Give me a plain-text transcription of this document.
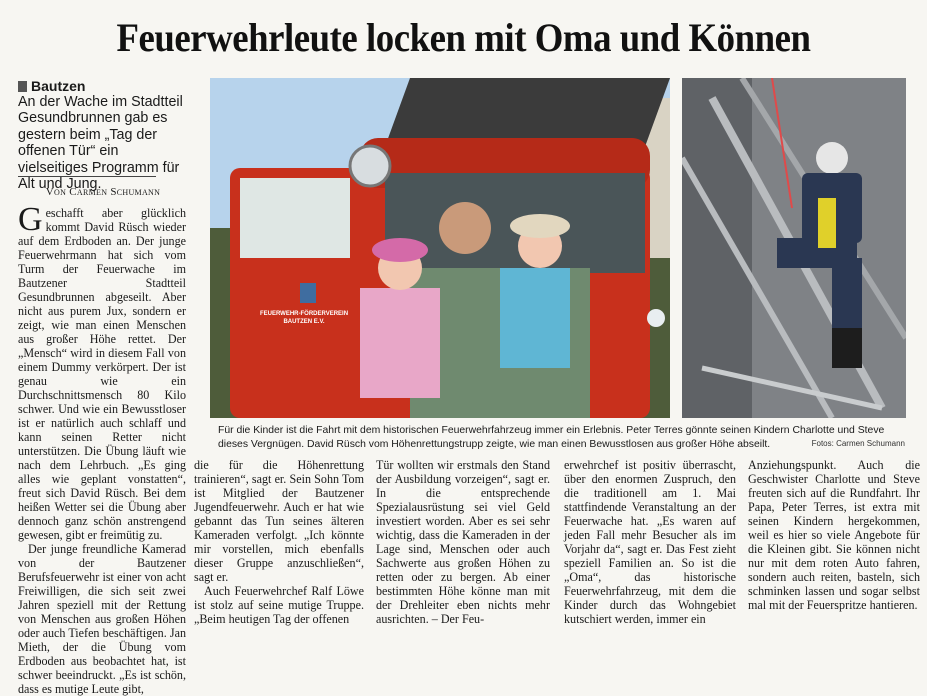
Feuerwehrleute locken mit Oma und Können
Bautzen
An der Wache im Stadtteil Gesundbrunnen gab es gestern beim „Tag der offenen Tür“ ein vielseitiges Programm für Alt und Jung.
Von Carmen Schumann

Geschafft aber glücklich kommt David Rüsch wieder auf dem Erdboden an. Der junge Feuerwehrmann hat sich vom Turm der Feuerwache im Bautzener Stadtteil Gesundbrunnen abgeseilt. Aber nicht aus purem Jux, sondern er zeigt, wie man einen Menschen aus großer Höhe rettet. Der „Mensch“ wird in diesem Fall von einem Dummy verkörpert. Der ist genau wie ein Durchschnittsmensch 80 Kilo schwer. Und wie ein Bewusstloser ist er natürlich auch schlaff und kann seinen Retter nicht unterstützen. Die Übung läuft wie nach dem Lehrbuch. „Es ging alles wie geplant vonstatten“, freut sich David Rüsch. Bei dem heißen Wetter sei die Übung aber dennoch ganz schön anstrengend gewesen, gibt er freimütig zu.

Der junge freundliche Kamerad von der Bautzener Berufsfeuerwehr ist einer von acht Freiwilligen, die sich seit zwei Jahren speziell mit der Rettung von Menschen aus großen Höhen oder auch Tiefen beschäftigen. Jan Mieth, der die Übung vom Erdboden aus beobachtet hat, ist schwer beeindruckt. „Es ist schön, dass es mutige Leute gibt,

FEUERWEHR-FÖRDERVEREIN BAUTZEN E.V.
Für die Kinder ist die Fahrt mit dem historischen Feuerwehrfahrzeug immer ein Erlebnis. Peter Terres gönnte seinen Kindern Charlotte und Steve dieses Vergnügen. David Rüsch vom Höhenrettungstrupp zeigte, wie man einen Bewusstlosen aus großer Höhe abseilt.	Fotos: Carmen Schumann

die für die Höhenrettung trainieren“, sagt er. Sein Sohn Tom ist Mitglied der Bautzener Jugendfeuerwehr. Auch er hat wie gebannt das Tun seines älteren Kameraden verfolgt. „Ich könnte mir vorstellen, mich ebenfalls dieser Gruppe anzuschließen“, sagt er.

Auch Feuerwehrchef Ralf Löwe ist stolz auf seine mutige Truppe. „Beim heutigen Tag der offenen

Tür wollten wir erstmals den Stand der Ausbildung vorzeigen“, sagt er. In die entsprechende Spezialausrüstung sei viel Geld investiert worden. Aber es sei sehr wichtig, dass die Kameraden in der Lage sind, Menschen oder auch Sachwerte aus großen Höhen zu retten oder zu bergen. Ab einer bestimmten Höhe könne man mit der Drehleiter eben nichts mehr ausrichten. – Der Feu-

erwehrchef ist positiv überrascht, über den enormen Zuspruch, den die traditionell am 1. Mai stattfindende Veranstaltung an der Feuerwache hat. „Es waren auf jeden Fall mehr Besucher als im Vorjahr da“, sagt er. Das Fest zieht speziell Familien an. So ist die „Oma“, das historische Feuerwehrfahrzeug, mit dem die Kinder durch das Wohngebiet kutschiert werden, immer ein

Anziehungspunkt. Auch die Geschwister Charlotte und Steve freuten sich auf die Rundfahrt. Ihr Papa, Peter Terres, ist extra mit seinen Kindern hergekommen, weil es hier so viele Angebote für die Kleinen gibt. Sie können nicht nur mit dem roten Auto fahren, sondern auch reiten, basteln, sich schminken lassen und sogar selbst mal mit der Feuerspritze hantieren.
